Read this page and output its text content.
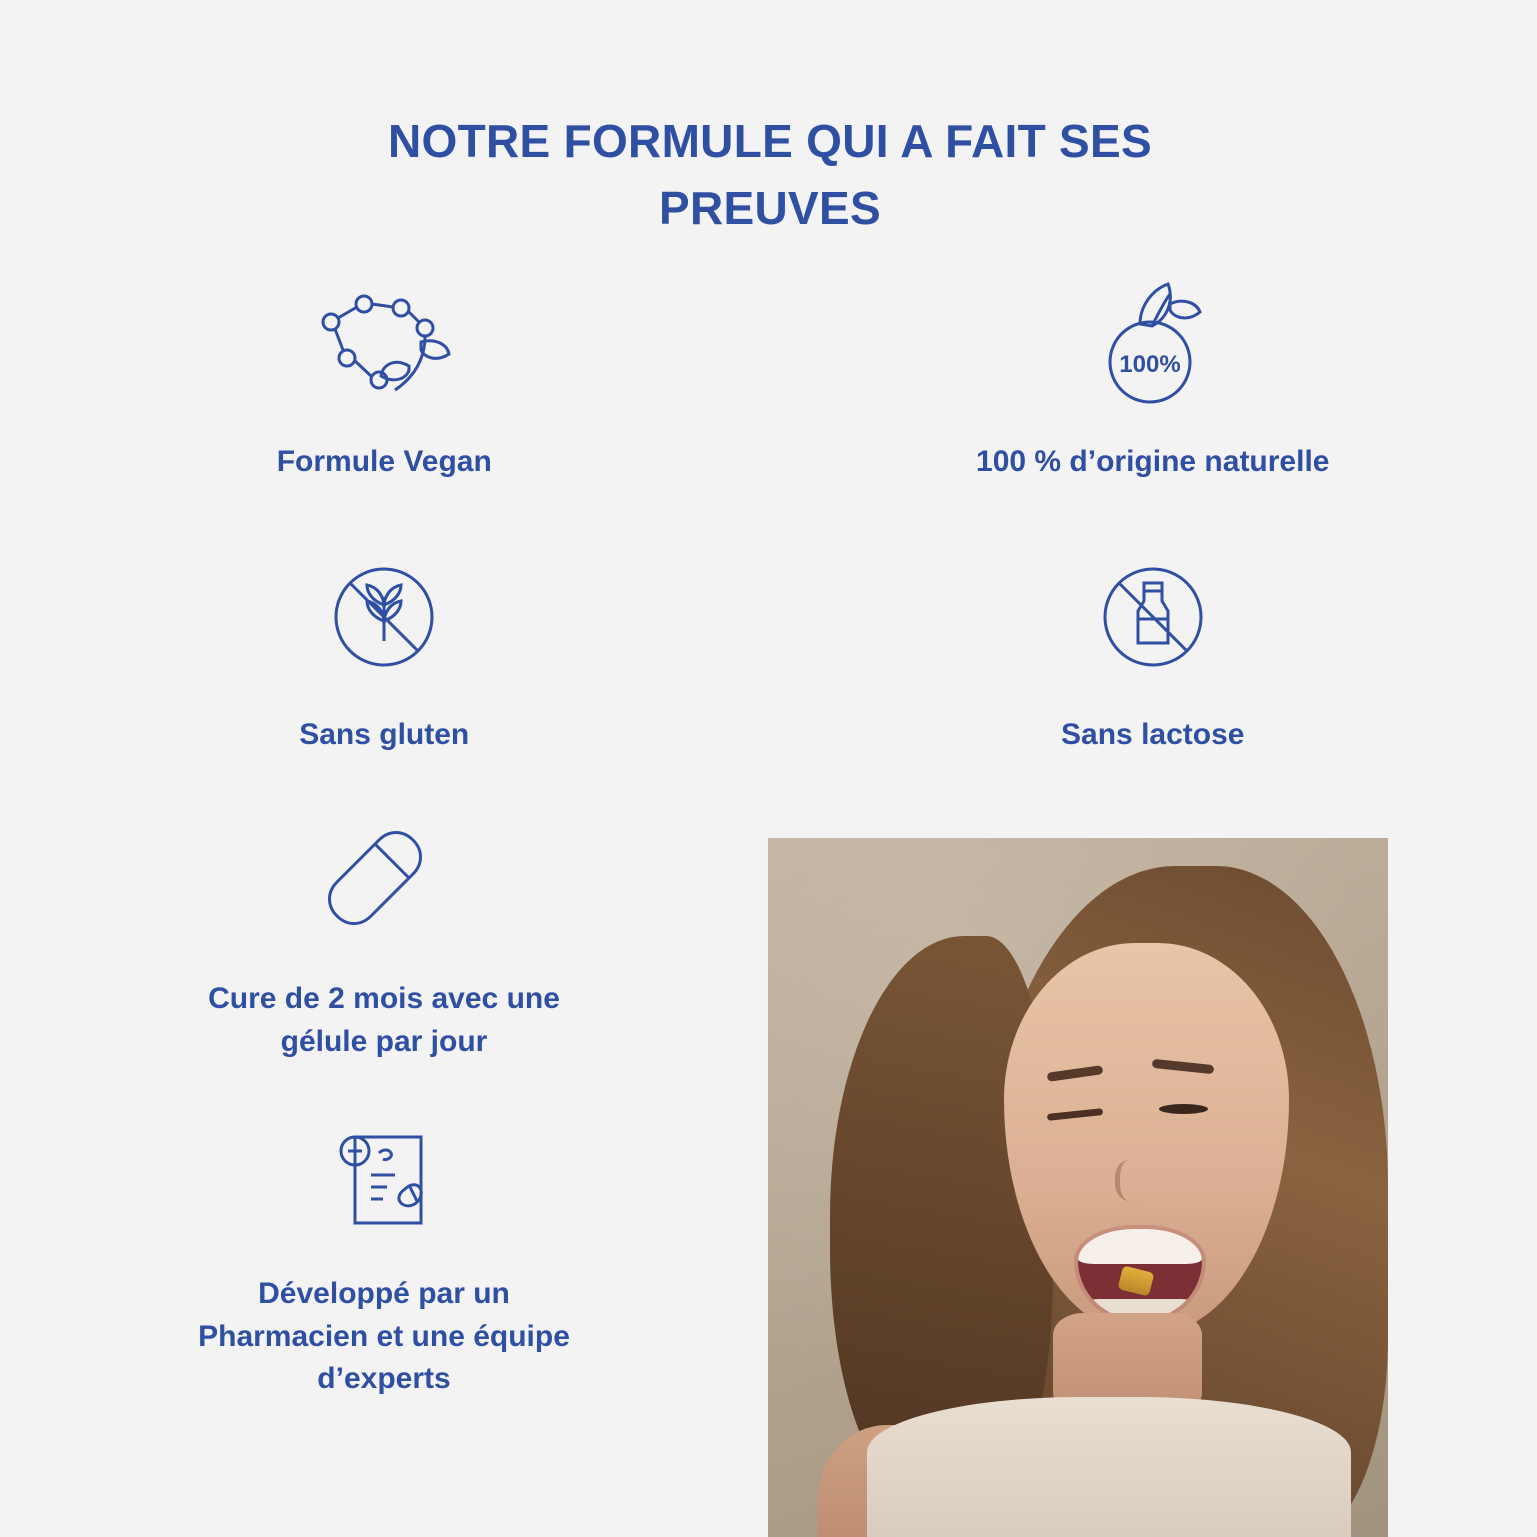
NOTRE FORMULE QUI A FAIT SES PREUVES
Formule Vegan
100%
100 % d’origine naturelle
Sans gluten	Sans lactose
Cure de 2 mois avec une gélule par jour
Développé par un Pharmacien et une équipe d’experts
